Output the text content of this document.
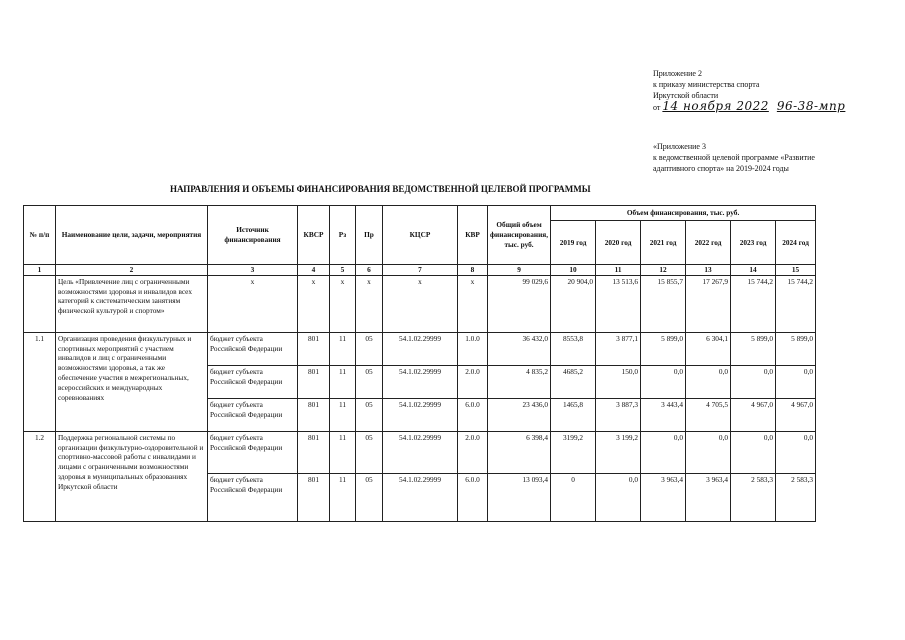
Приложение 2
к приказу министерства спорта
Иркутской области
от 14 ноября 2022 96-38-мпр
«Приложение 3
к ведомственной целевой программе «Развитие
адаптивного спорта» на 2019-2024 годы
НАПРАВЛЕНИЯ И ОБЪЕМЫ ФИНАНСИРОВАНИЯ ВЕДОМСТВЕННОЙ ЦЕЛЕВОЙ ПРОГРАММЫ
№ п/п	Наименование цели, задачи, мероприятия	Источник финансирования	КВСР	Рз	Пр	КЦСР	КВР	Общий объем финансирования, тыс. руб.	Объем финансирования, тыс. руб.					
									2019 год	2020 год	2021 год	2022 год	2023 год	2024 год
1	2	3	4	5	6	7	8	9	10	11	12	13	14	15
	Цель «Привлечение лиц с ограниченными возможностями здоровья и инвалидов всех категорий к систематическим занятиям физической культурой и спортом»	x	x	x	x	x	x	99 029,6	20 904,0	13 513,6	15 855,7	17 267,9	15 744,2	15 744,2
1.1	Организация проведения физкультурных и спортивных мероприятий с участием инвалидов и лиц с ограниченными возможностями здоровья, а так же обеспечение участия в межрегиональных, всероссийских и международных соревнованиях	бюджет субъекта Российской Федерации	801	11	05	54.1.02.29999	1.0.0	36 432,0	8553,8	3 877,1	5 899,0	6 304,1	5 899,0	5 899,0
		бюджет субъекта Российской Федерации	801	11	05	54.1.02.29999	2.0.0	4 835,2	4685,2	150,0	0,0	0,0	0,0	0,0
		бюджет субъекта Российской Федерации	801	11	05	54.1.02.29999	6.0.0	23 436,0	1465,8	3 887,3	3 443,4	4 705,5	4 967,0	4 967,0
1.2	Поддержка региональной системы по организации физкультурно-оздоровительной и спортивно-массовой работы с инвалидами и лицами с ограниченными возможностями здоровья в муниципальных образованиях Иркутской области	бюджет субъекта Российской Федерации	801	11	05	54.1.02.29999	2.0.0	6 398,4	3199,2	3 199,2	0,0	0,0	0,0	0,0
		бюджет субъекта Российской Федерации	801	11	05	54.1.02.29999	6.0.0	13 093,4	0	0,0	3 963,4	3 963,4	2 583,3	2 583,3
